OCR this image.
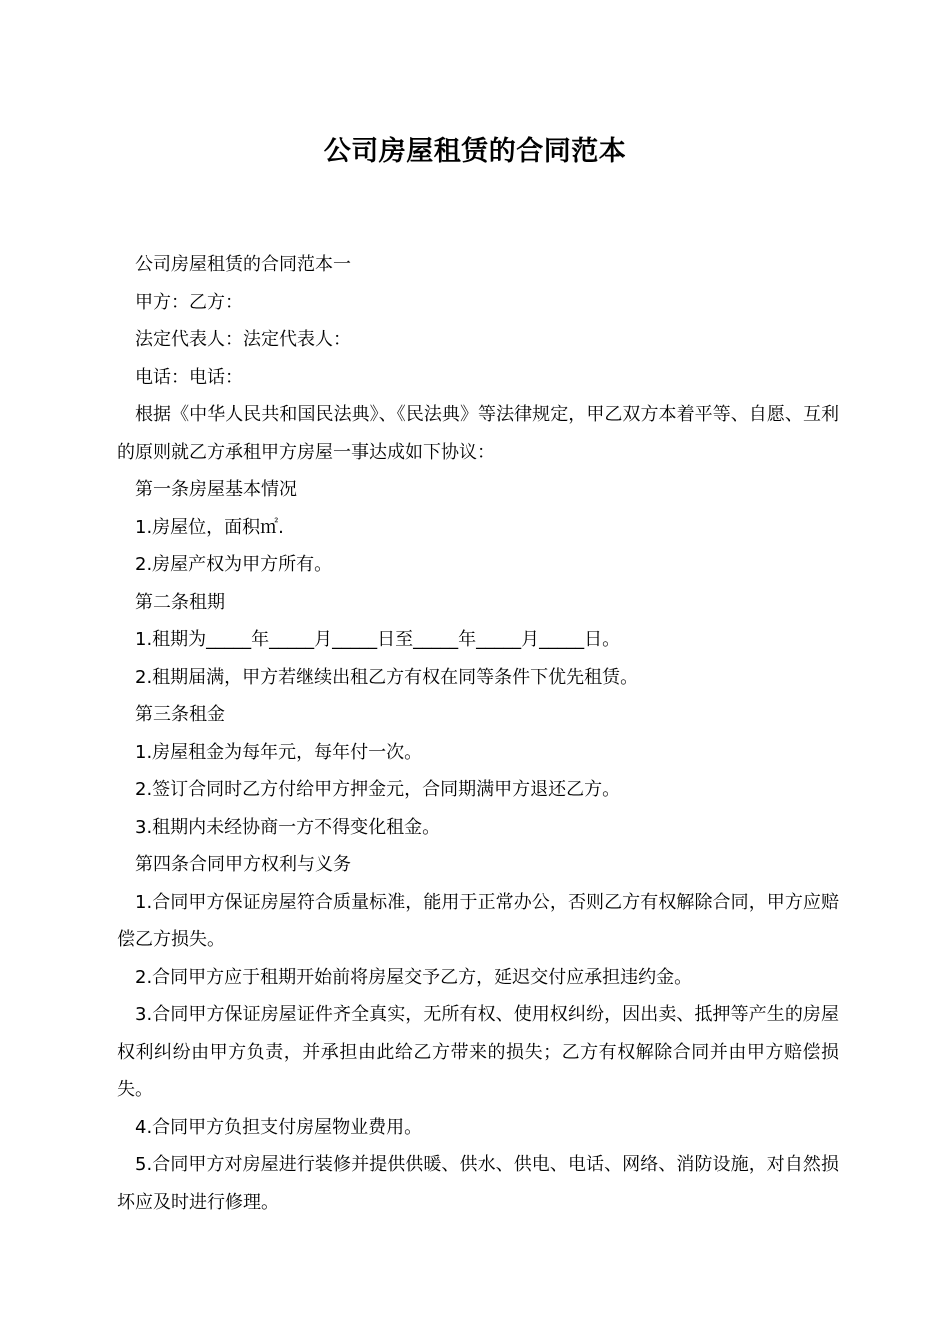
公司房屋租赁的合同范本

公司房屋租赁的合同范本一

甲方：乙方：

法定代表人：法定代表人：

电话：电话：

根据《中华人民共和国民法典》、《民法典》等法律规定，甲乙双方本着平等、自愿、互利的原则就乙方承租甲方房屋一事达成如下协议：

第一条房屋基本情况

1.房屋位，面积㎡.

2.房屋产权为甲方所有。

第二条租期

1.租期为_____年_____月_____日至_____年_____月_____日。

2.租期届满，甲方若继续出租乙方有权在同等条件下优先租赁。

第三条租金

1.房屋租金为每年元，每年付一次。

2.签订合同时乙方付给甲方押金元，合同期满甲方退还乙方。

3.租期内未经协商一方不得变化租金。

第四条合同甲方权利与义务

1.合同甲方保证房屋符合质量标准，能用于正常办公，否则乙方有权解除合同，甲方应赔偿乙方损失。

2.合同甲方应于租期开始前将房屋交予乙方，延迟交付应承担违约金。

3.合同甲方保证房屋证件齐全真实，无所有权、使用权纠纷，因出卖、抵押等产生的房屋权利纠纷由甲方负责，并承担由此给乙方带来的损失；乙方有权解除合同并由甲方赔偿损失。

4.合同甲方负担支付房屋物业费用。

5.合同甲方对房屋进行装修并提供供暖、供水、供电、电话、网络、消防设施，对自然损坏应及时进行修理。
